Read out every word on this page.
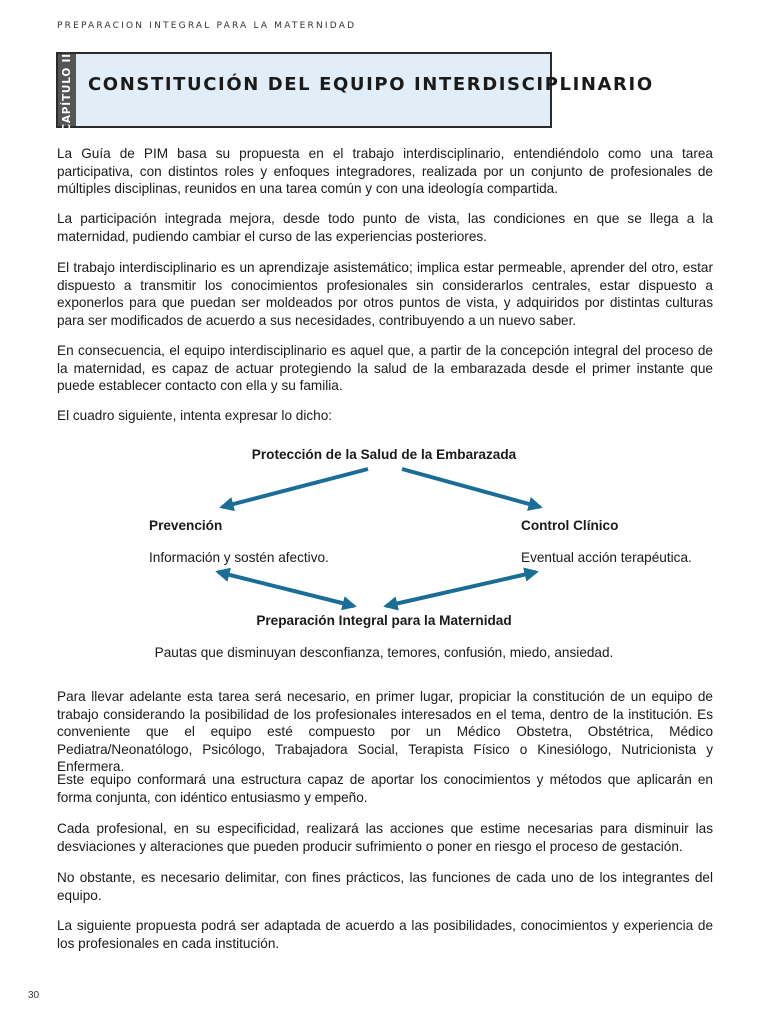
PREPARACION INTEGRAL PARA LA MATERNIDAD
CAPÍTULO III CONSTITUCIÓN DEL EQUIPO INTERDISCIPLINARIO
La Guía de PIM basa su propuesta en el trabajo interdisciplinario, entendiéndolo como una tarea participativa, con distintos roles y enfoques integradores, realizada por un conjunto de profesionales de múltiples disciplinas, reunidos en una tarea común y con una ideología compartida.
La participación integrada mejora, desde todo punto de vista, las condiciones en que se llega a la maternidad, pudiendo cambiar el curso de las experiencias posteriores.
El trabajo interdisciplinario es un aprendizaje asistemático; implica estar permeable, aprender del otro, estar dispuesto a transmitir los conocimientos profesionales sin considerarlos centrales, estar dispuesto a exponerlos para que puedan ser moldeados por otros puntos de vista, y adquiridos por distintas culturas para ser modificados de acuerdo a sus necesidades, contribuyendo a un nuevo saber.
En consecuencia, el equipo interdisciplinario es aquel que, a partir de la concepción integral del proceso de la maternidad, es capaz de actuar protegiendo la salud de la embarazada desde el primer instante que puede establecer contacto con ella y su familia.
El cuadro siguiente, intenta expresar lo dicho:
Protección de la Salud de la Embarazada
Prevención
Información y sostén afectivo.
Control Clínico
Eventual acción terapéutica.
Preparación Integral para la Maternidad
Pautas que disminuyan desconfianza, temores, confusión, miedo, ansiedad.
Para llevar adelante esta tarea será necesario, en primer lugar, propiciar la constitución de un equipo de trabajo considerando la posibilidad de los profesionales interesados en el tema, dentro de la institución. Es conveniente que el equipo esté compuesto por un Médico Obstetra, Obstétrica, Médico Pediatra/Neonatólogo, Psicólogo, Trabajadora Social, Terapista Físico o Kinesiólogo, Nutricionista y Enfermera.
Este equipo conformará una estructura capaz de aportar los conocimientos y métodos que aplicarán en forma conjunta, con idéntico entusiasmo y empeño.
Cada profesional, en su especificidad, realizará las acciones que estime necesarias para disminuir las desviaciones y alteraciones que pueden producir sufrimiento o poner en riesgo el proceso de gestación.
No obstante, es necesario delimitar, con fines prácticos, las funciones de cada uno de los integrantes del equipo.
La siguiente propuesta podrá ser adaptada de acuerdo a las posibilidades, conocimientos y experiencia de los profesionales en cada institución.
30
